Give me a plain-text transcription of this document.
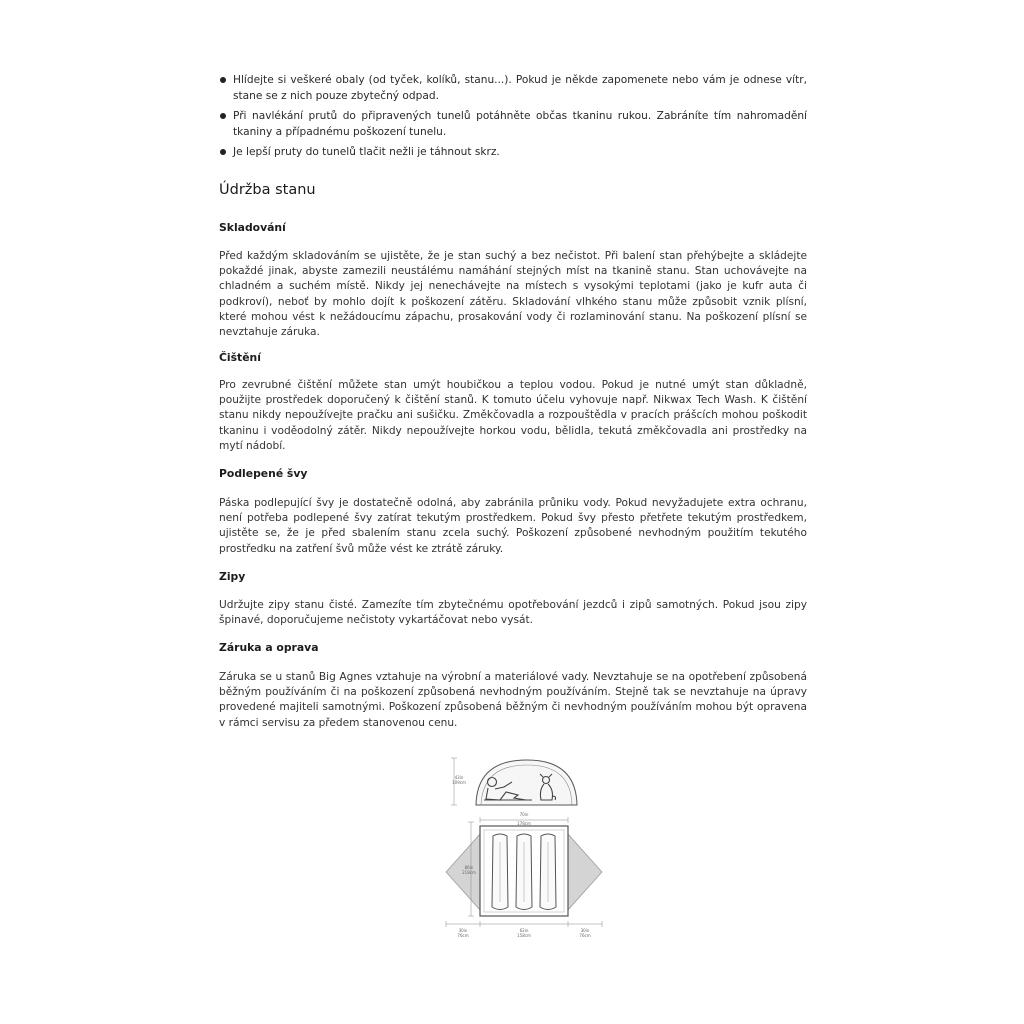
Hlídejte si veškeré obaly (od tyček, kolíků, stanu...). Pokud je někde zapomenete nebo vám je odnese vítr, stane se z nich pouze zbytečný odpad.
Při navlékání prutů do připravených tunelů potáhněte občas tkaninu rukou. Zabráníte tím nahromadění tkaniny a případnému poškození tunelu.
Je lepší pruty do tunelů tlačit nežli je táhnout skrz.
Údržba stanu
Skladování

Před každým skladováním se ujistěte, že je stan suchý a bez nečistot. Při balení stan přehýbejte a skládejte pokaždé jinak, abyste zamezili neustálému namáhání stejných míst na tkanině stanu. Stan uchovávejte na chladném a suchém místě. Nikdy jej nenechávejte na místech s vysokými teplotami (jako je kufr auta či podkroví), neboť by mohlo dojít k poškození zátěru. Skladování vlhkého stanu může způsobit vznik plísní, které mohou vést k nežádoucímu zápachu, prosakování vody či rozlaminování stanu. Na poškození plísní se nevztahuje záruka.

Čištění

Pro zevrubné čištění můžete stan umýt houbičkou a teplou vodou. Pokud je nutné umýt stan důkladně, použijte prostředek doporučený k čištění stanů. K tomuto účelu vyhovuje např. Nikwax Tech Wash. K čištění stanu nikdy nepoužívejte pračku ani sušičku. Změkčovadla a rozpouštědla v pracích prášcích mohou poškodit tkaninu i voděodolný zátěr. Nikdy nepoužívejte horkou vodu, bělidla, tekutá změkčovadla ani prostředky na mytí nádobí.

Podlepené švy

Páska podlepující švy je dostatečně odolná, aby zabránila průniku vody. Pokud nevyžadujete extra ochranu, není potřeba podlepené švy zatírat tekutým prostředkem. Pokud švy přesto přetřete tekutým prostředkem, ujistěte se, že je před sbalením stanu zcela suchý. Poškození způsobené nevhodným použitím tekutého prostředku na zatření švů může vést ke ztrátě záruky.

Zipy

Udržujte zipy stanu čisté. Zamezíte tím zbytečnému opotřebování jezdců i zipů samotných. Pokud jsou zipy špinavé, doporučujeme nečistoty vykartáčovat nebo vysát.

Záruka a oprava

Záruka se u stanů Big Agnes vztahuje na výrobní a materiálové vady. Nevztahuje se na opotřebení způsobená běžným používáním či na poškození způsobená nevhodným používáním. Stejně tak se nevztahuje na úpravy provedené majiteli samotnými. Poškození způsobená běžným či nevhodným používáním mohou být opravena v rámci servisu za předem stanovenou cenu.

43in
109cm
70in
178cm
86in
218cm
30in
76cm
62in
158cm
30in
76cm
